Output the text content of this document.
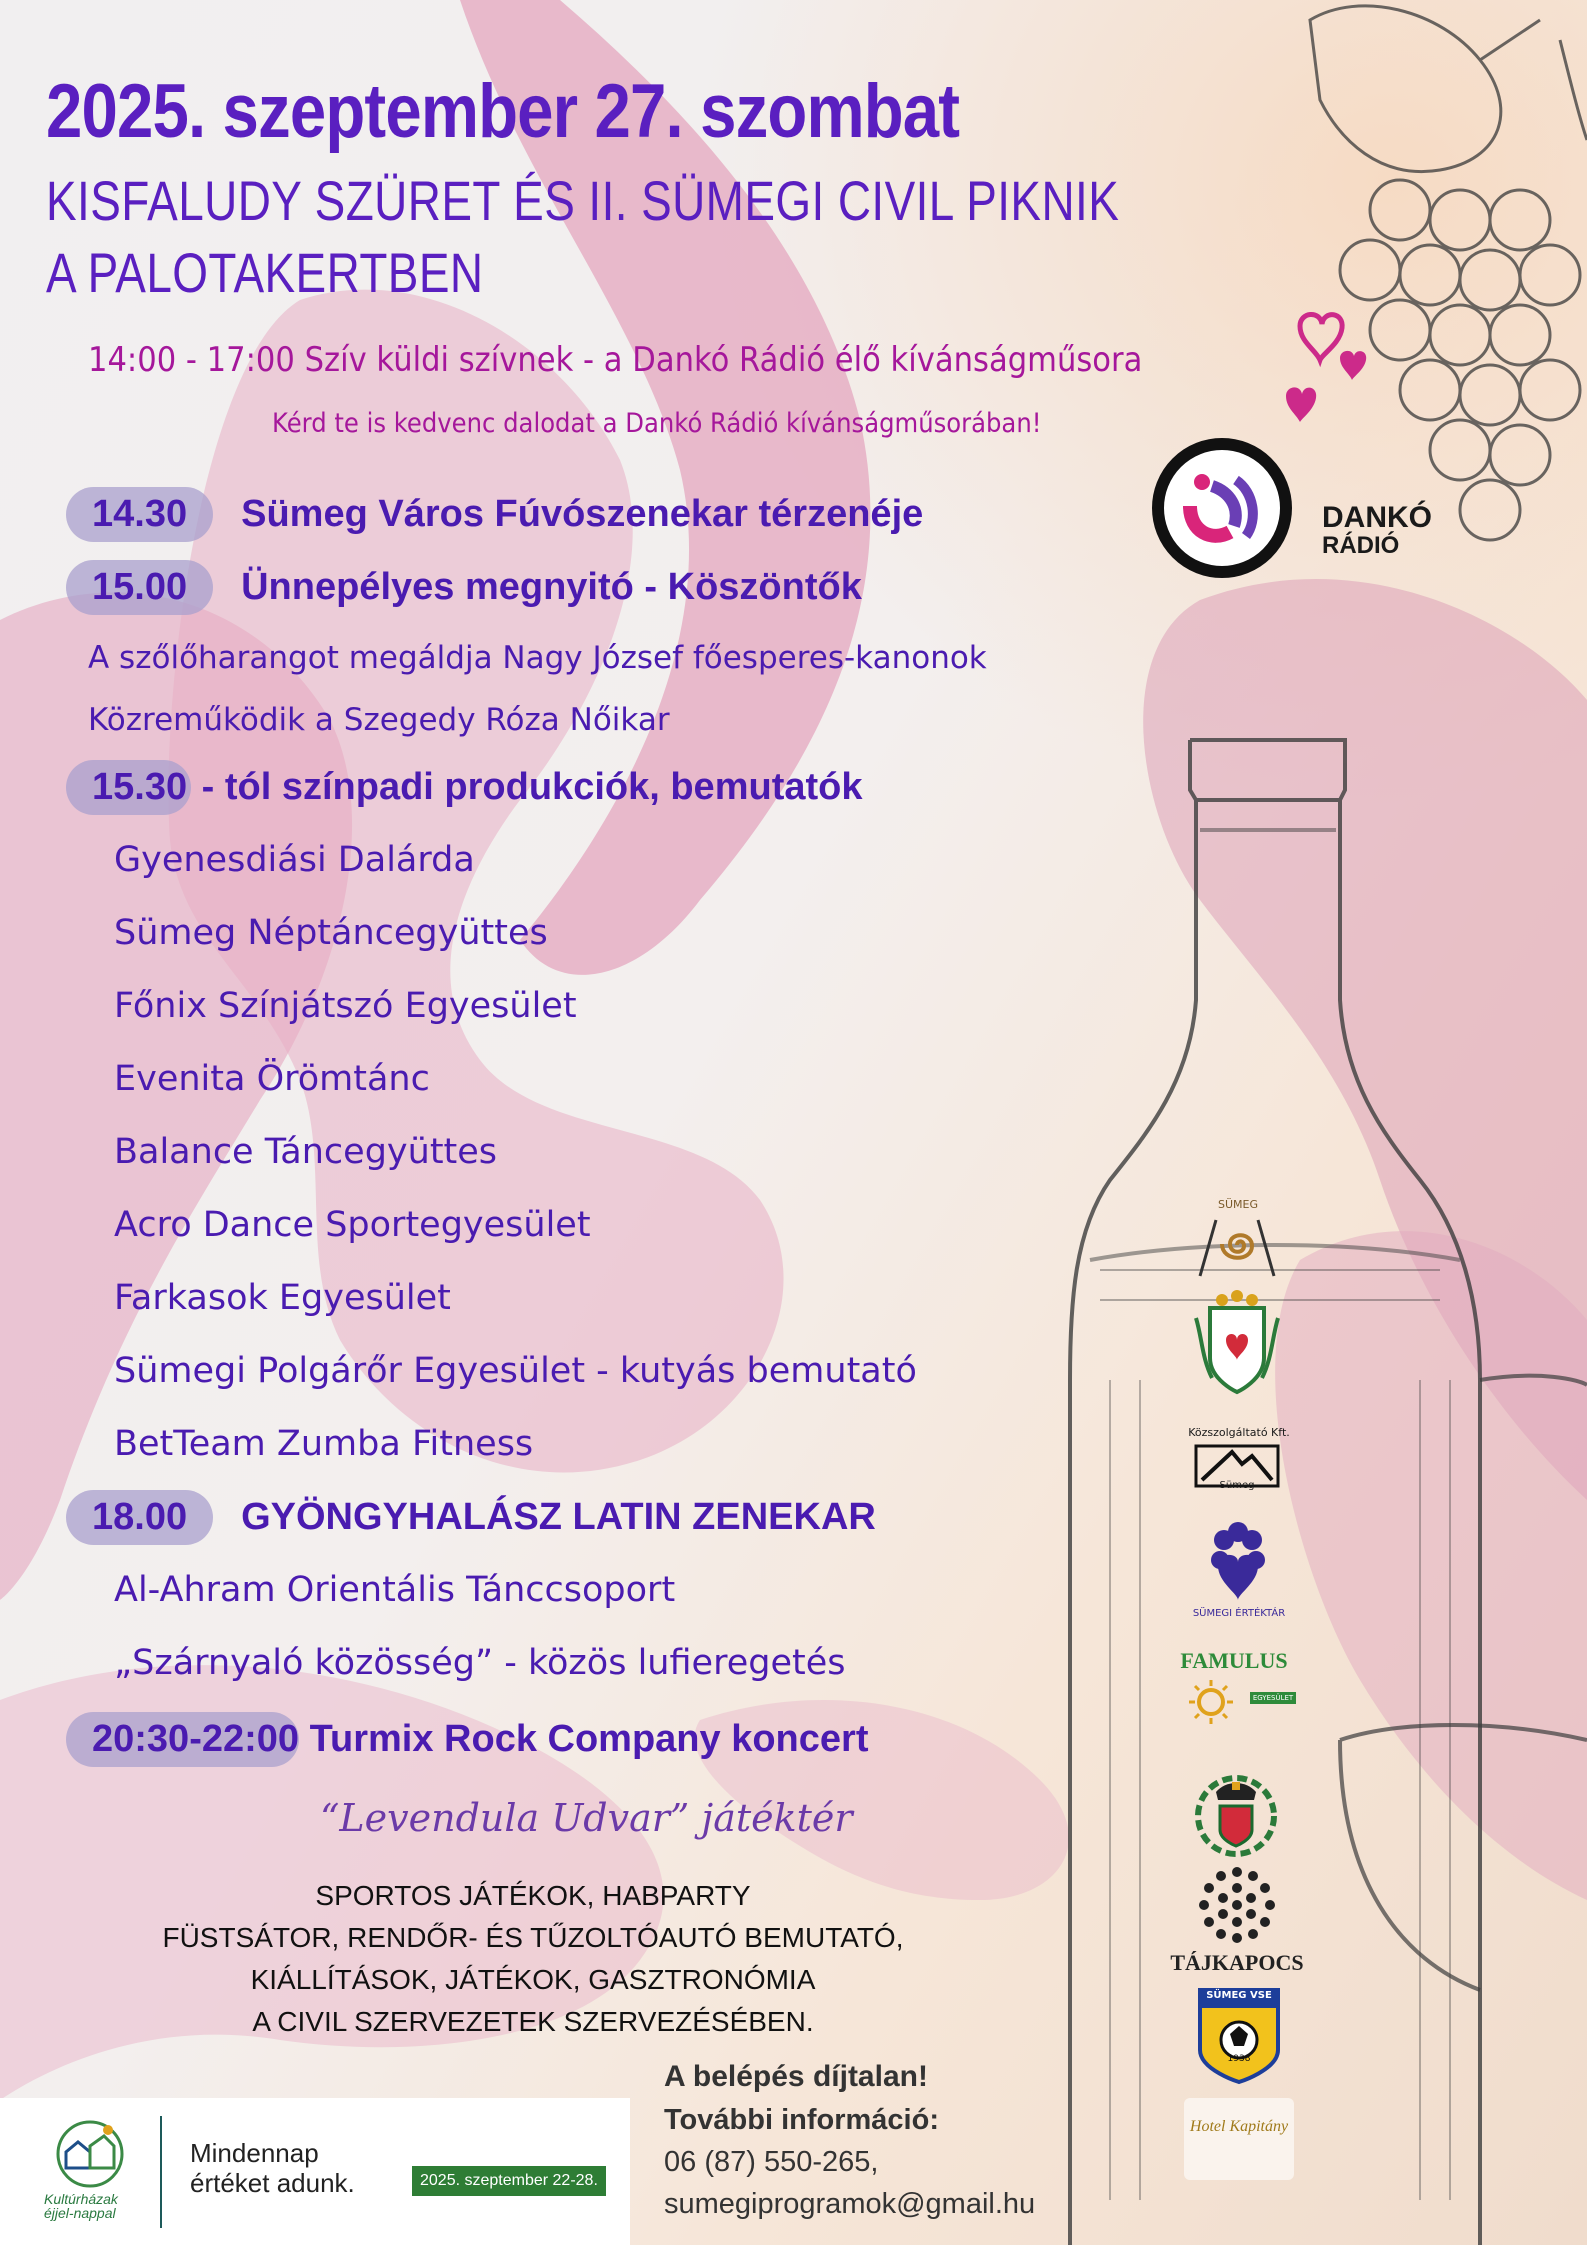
DANKÓ
RÁDIÓ
2025. szeptember 27. szombat
KISFALUDY SZÜRET ÉS II. SÜMEGI CIVIL PIKNIK
A PALOTAKERTBEN
14:00 - 17:00 Szív küldi szívnek - a Dankó Rádió élő kívánságműsora
Kérd te is kedvenc dalodat a Dankó Rádió kívánságműsorában!
14.30 Sümeg Város Fúvószenekar térzenéje
15.00 Ünnepélyes megnyitó - Köszöntők
A szőlőharangot megáldja Nagy József főesperes-kanonok
Közreműködik a Szegedy Róza Nőikar
15.30 - tól színpadi produkciók, bemutatók
Gyenesdiási Dalárda
Sümeg Néptáncegyüttes
Főnix Színjátszó Egyesület
Evenita Örömtánc
Balance Táncegyüttes
Acro Dance Sportegyesület
Farkasok Egyesület
Sümegi Polgárőr Egyesület - kutyás bemutató
BetTeam Zumba Fitness
18.00 GYÖNGYHALÁSZ LATIN ZENEKAR
Al-Ahram Orientális Tánccsoport
„Szárnyaló közösség” - közös lufieregetés
20:30-22:00 Turmix Rock Company koncert
“Levendula Udvar” játéktér
SPORTOS JÁTÉKOK, HABPARTY
FÜSTSÁTOR, RENDŐR- ÉS TŰZOLTÓAUTÓ BEMUTATÓ,
KIÁLLÍTÁSOK, JÁTÉKOK, GASZTRONÓMIA
A CIVIL SZERVEZETEK SZERVEZÉSÉBEN.
A belépés díjtalan!
További információ:
06 (87) 550-265,
sumegiprogramok@gmail.hu
Kultúrházak
éjjel-nappal
Mindennap
értéket adunk.	2025. szeptember 22-28.
SÜMEG
Közszolgáltató Kft.
Sümeg
SÜMEGI ÉRTÉKTÁR
FAMULUS
EGYESÜLET
TÁJKAPOCS
SÜMEG VSE
1938
Hotel Kapitány
